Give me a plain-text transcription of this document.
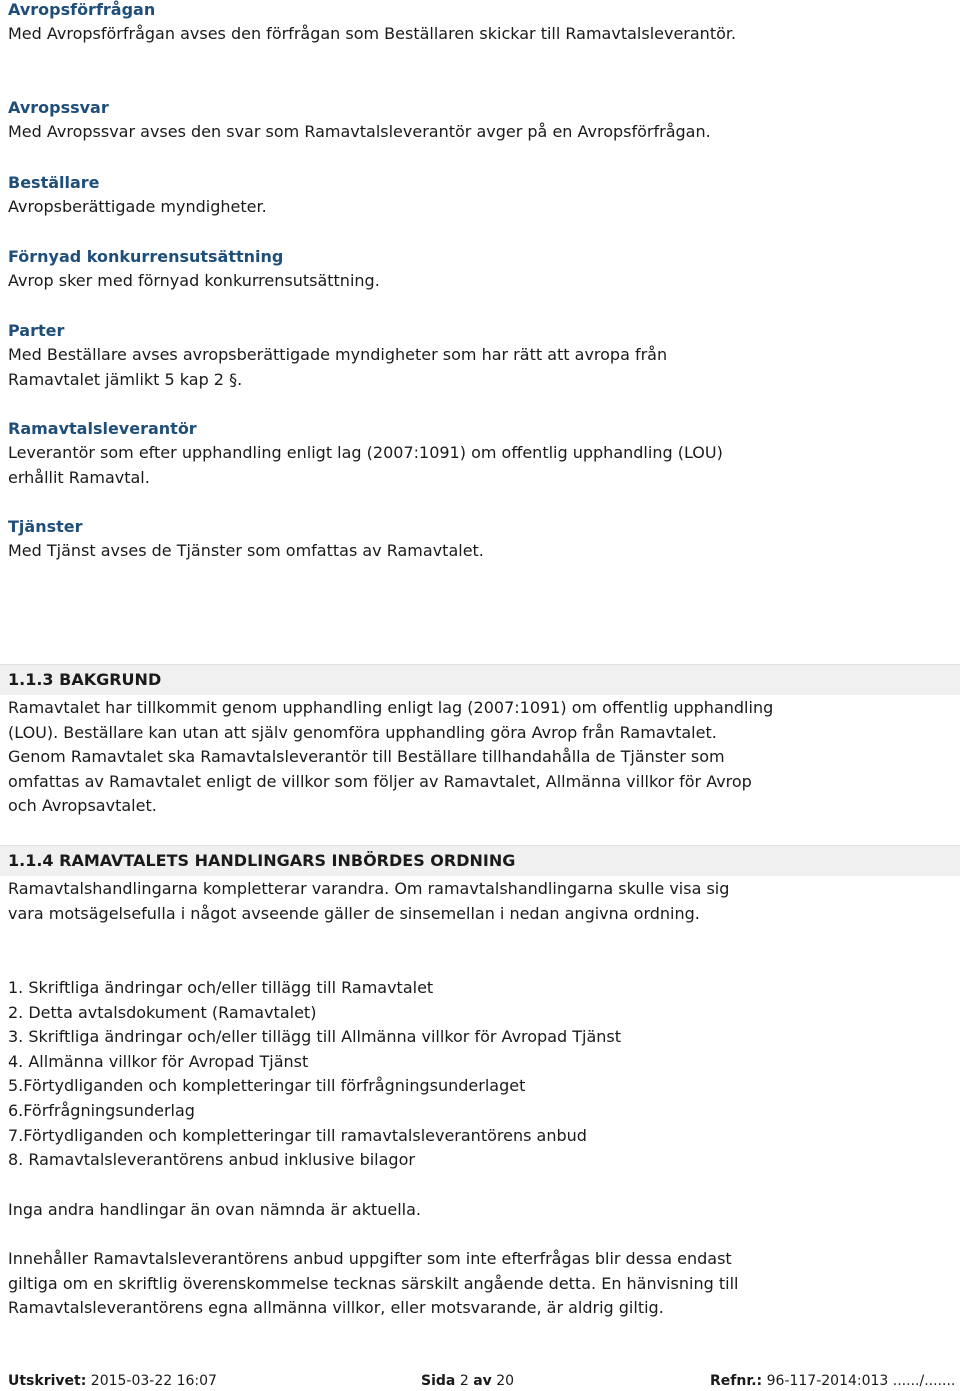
Avropsförfrågan
Med Avropsförfrågan avses den förfrågan som Beställaren skickar till Ramavtalsleverantör.
Avropssvar
Med Avropssvar avses den svar som Ramavtalsleverantör avger på en Avropsförfrågan.
Beställare
Avropsberättigade myndigheter.
Förnyad konkurrensutsättning
Avrop sker med förnyad konkurrensutsättning.
Parter
Med Beställare avses avropsberättigade myndigheter som har rätt att avropa från Ramavtalet jämlikt 5 kap 2 §.
Ramavtalsleverantör
Leverantör som efter upphandling enligt lag (2007:1091) om offentlig upphandling (LOU) erhållit Ramavtal.
Tjänster
Med Tjänst avses de Tjänster som omfattas av Ramavtalet.
1.1.3 BAKGRUND
Ramavtalet har tillkommit genom upphandling enligt lag (2007:1091) om offentlig upphandling (LOU). Beställare kan utan att själv genomföra upphandling göra Avrop från Ramavtalet. Genom Ramavtalet ska Ramavtalsleverantör till Beställare tillhandahålla de Tjänster som omfattas av Ramavtalet enligt de villkor som följer av Ramavtalet, Allmänna villkor för Avrop och Avropsavtalet.
1.1.4 RAMAVTALETS HANDLINGARS INBÖRDES ORDNING
Ramavtalshandlingarna kompletterar varandra. Om ramavtalshandlingarna skulle visa sig vara motsägelsefulla i något avseende gäller de sinsemellan i nedan angivna ordning.
1. Skriftliga ändringar och/eller tillägg till Ramavtalet
2. Detta avtalsdokument (Ramavtalet)
3. Skriftliga ändringar och/eller tillägg till Allmänna villkor för Avropad Tjänst
4. Allmänna villkor för Avropad Tjänst
5.Förtydliganden och kompletteringar till förfrågningsunderlaget
6.Förfrågningsunderlag
7.Förtydliganden och kompletteringar till ramavtalsleverantörens anbud
8. Ramavtalsleverantörens anbud inklusive bilagor
Inga andra handlingar än ovan nämnda är aktuella.
Innehåller Ramavtalsleverantörens anbud uppgifter som inte efterfrågas blir dessa endast giltiga om en skriftlig överenskommelse tecknas särskilt angående detta. En hänvisning till Ramavtalsleverantörens egna allmänna villkor, eller motsvarande, är aldrig giltig.
Utskrivet: 2015-03-22 16:07	Sida 2 av 20	Refnr.: 96-117-2014:013 ....../.......
